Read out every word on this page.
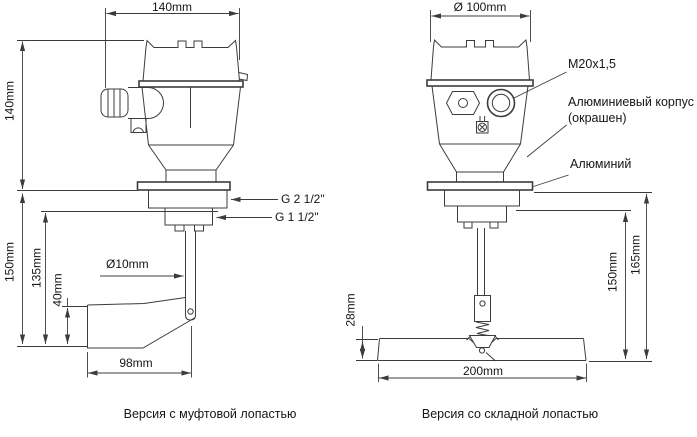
140mm
140mm
150mm 135mm
40mm
Ø10mm
98mm
G 2 1/2"
G 1 1/2"
Версия с муфтовой лопастью
Ø 100mm
M20x1,5
Алюминиевый корпус
(окрашен)
Алюминий
165mm
150mm
28mm
200mm
Версия со складной лопастью
